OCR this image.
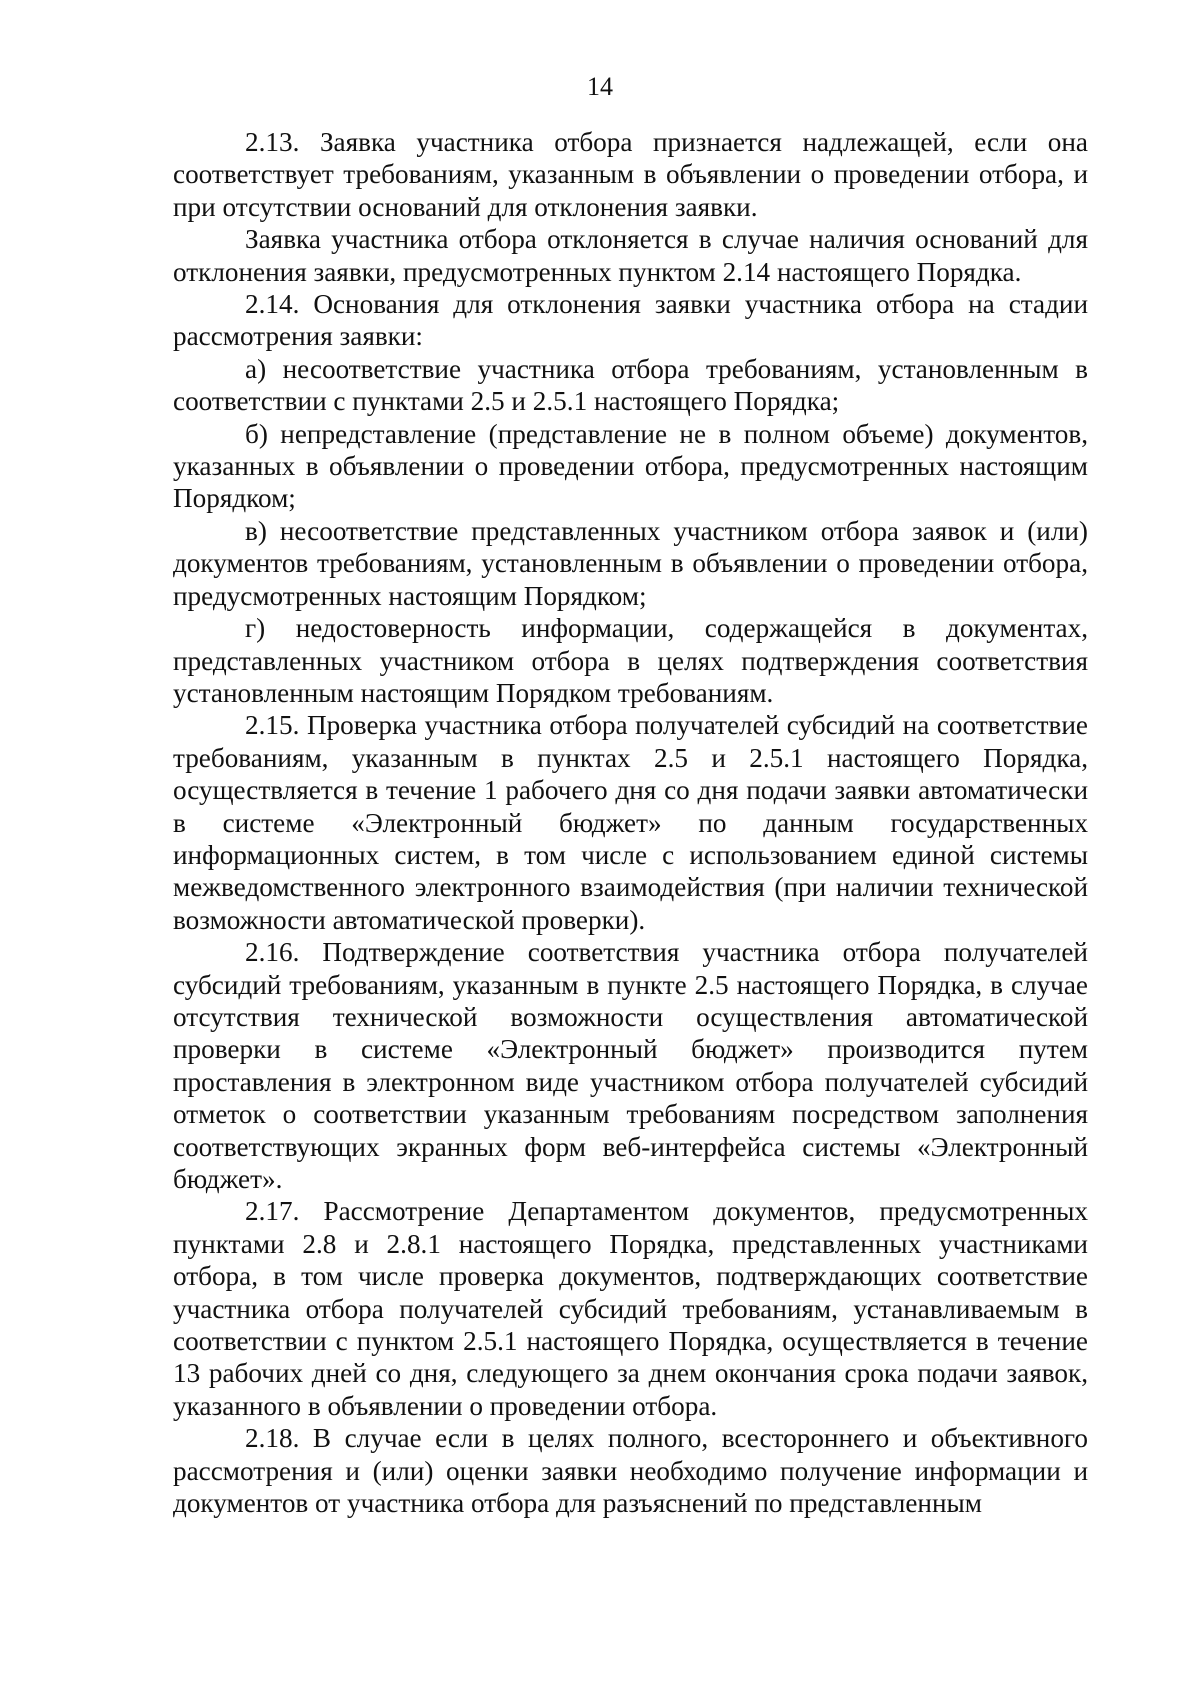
14

2.13. Заявка участника отбора признается надлежащей, если она соответствует требованиям, указанным в объявлении о проведении отбора, и при отсутствии оснований для отклонения заявки.

Заявка участника отбора отклоняется в случае наличия оснований для отклонения заявки, предусмотренных пунктом 2.14 настоящего Порядка.

2.14. Основания для отклонения заявки участника отбора на стадии рассмотрения заявки:

а) несоответствие участника отбора требованиям, установленным в соответствии с пунктами 2.5 и 2.5.1 настоящего Порядка;

б) непредставление (представление не в полном объеме) документов, указанных в объявлении о проведении отбора, предусмотренных настоящим Порядком;

в) несоответствие представленных участником отбора заявок и (или) документов требованиям, установленным в объявлении о проведении отбора, предусмотренных настоящим Порядком;

г) недостоверность информации, содержащейся в документах, представленных участником отбора в целях подтверждения соответствия установленным настоящим Порядком требованиям.

2.15. Проверка участника отбора получателей субсидий на соответствие требованиям, указанным в пунктах 2.5 и 2.5.1 настоящего Порядка, осуществляется в течение 1 рабочего дня со дня подачи заявки автоматически в системе «Электронный бюджет» по данным государственных информационных систем, в том числе с использованием единой системы межведомственного электронного взаимодействия (при наличии технической возможности автоматической проверки).

2.16. Подтверждение соответствия участника отбора получателей субсидий требованиям, указанным в пункте 2.5 настоящего Порядка, в случае отсутствия технической возможности осуществления автоматической проверки в системе «Электронный бюджет» производится путем проставления в электронном виде участником отбора получателей субсидий отметок о соответствии указанным требованиям посредством заполнения соответствующих экранных форм веб-интерфейса системы «Электронный бюджет».

2.17. Рассмотрение Департаментом документов, предусмотренных пунктами 2.8 и 2.8.1 настоящего Порядка, представленных участниками отбора, в том числе проверка документов, подтверждающих соответствие участника отбора получателей субсидий требованиям, устанавливаемым в соответствии с пунктом 2.5.1 настоящего Порядка, осуществляется в течение 13 рабочих дней со дня, следующего за днем окончания срока подачи заявок, указанного в объявлении о проведении отбора.

2.18. В случае если в целях полного, всестороннего и объективного рассмотрения и (или) оценки заявки необходимо получение информации и документов от участника отбора для разъяснений по представленным
